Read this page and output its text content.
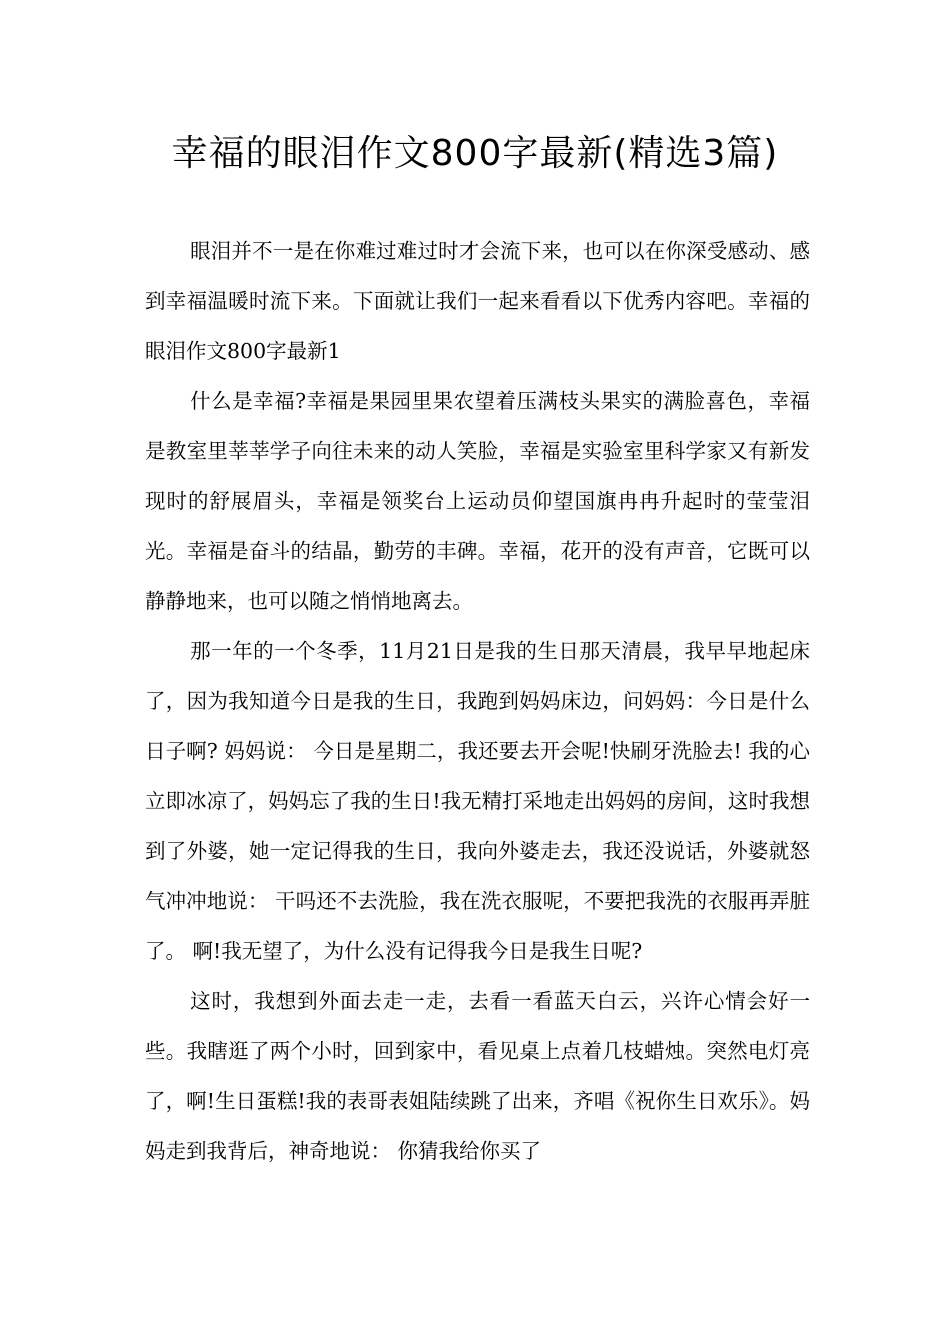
幸福的眼泪作文800字最新(精选3篇)

眼泪并不一是在你难过难过时才会流下来，也可以在你深受感动、感到幸福温暖时流下来。下面就让我们一起来看看以下优秀内容吧。幸福的眼泪作文800字最新1

什么是幸福?幸福是果园里果农望着压满枝头果实的满脸喜色，幸福是教室里莘莘学子向往未来的动人笑脸，幸福是实验室里科学家又有新发现时的舒展眉头，幸福是领奖台上运动员仰望国旗冉冉升起时的莹莹泪光。幸福是奋斗的结晶，勤劳的丰碑。幸福，花开的没有声音，它既可以静静地来，也可以随之悄悄地离去。

那一年的一个冬季，11月21日是我的生日那天清晨，我早早地起床了，因为我知道今日是我的生日，我跑到妈妈床边，问妈妈：今日是什么日子啊? 妈妈说： 今日是星期二，我还要去开会呢!快刷牙洗脸去! 我的心立即冰凉了，妈妈忘了我的生日!我无精打采地走出妈妈的房间，这时我想到了外婆，她一定记得我的生日，我向外婆走去，我还没说话，外婆就怒气冲冲地说： 干吗还不去洗脸，我在洗衣服呢，不要把我洗的衣服再弄脏了。 啊!我无望了，为什么没有记得我今日是我生日呢?

这时，我想到外面去走一走，去看一看蓝天白云，兴许心情会好一些。我瞎逛了两个小时，回到家中，看见桌上点着几枝蜡烛。突然电灯亮了，啊!生日蛋糕!我的表哥表姐陆续跳了出来，齐唱《祝你生日欢乐》。妈妈走到我背后，神奇地说： 你猜我给你买了
